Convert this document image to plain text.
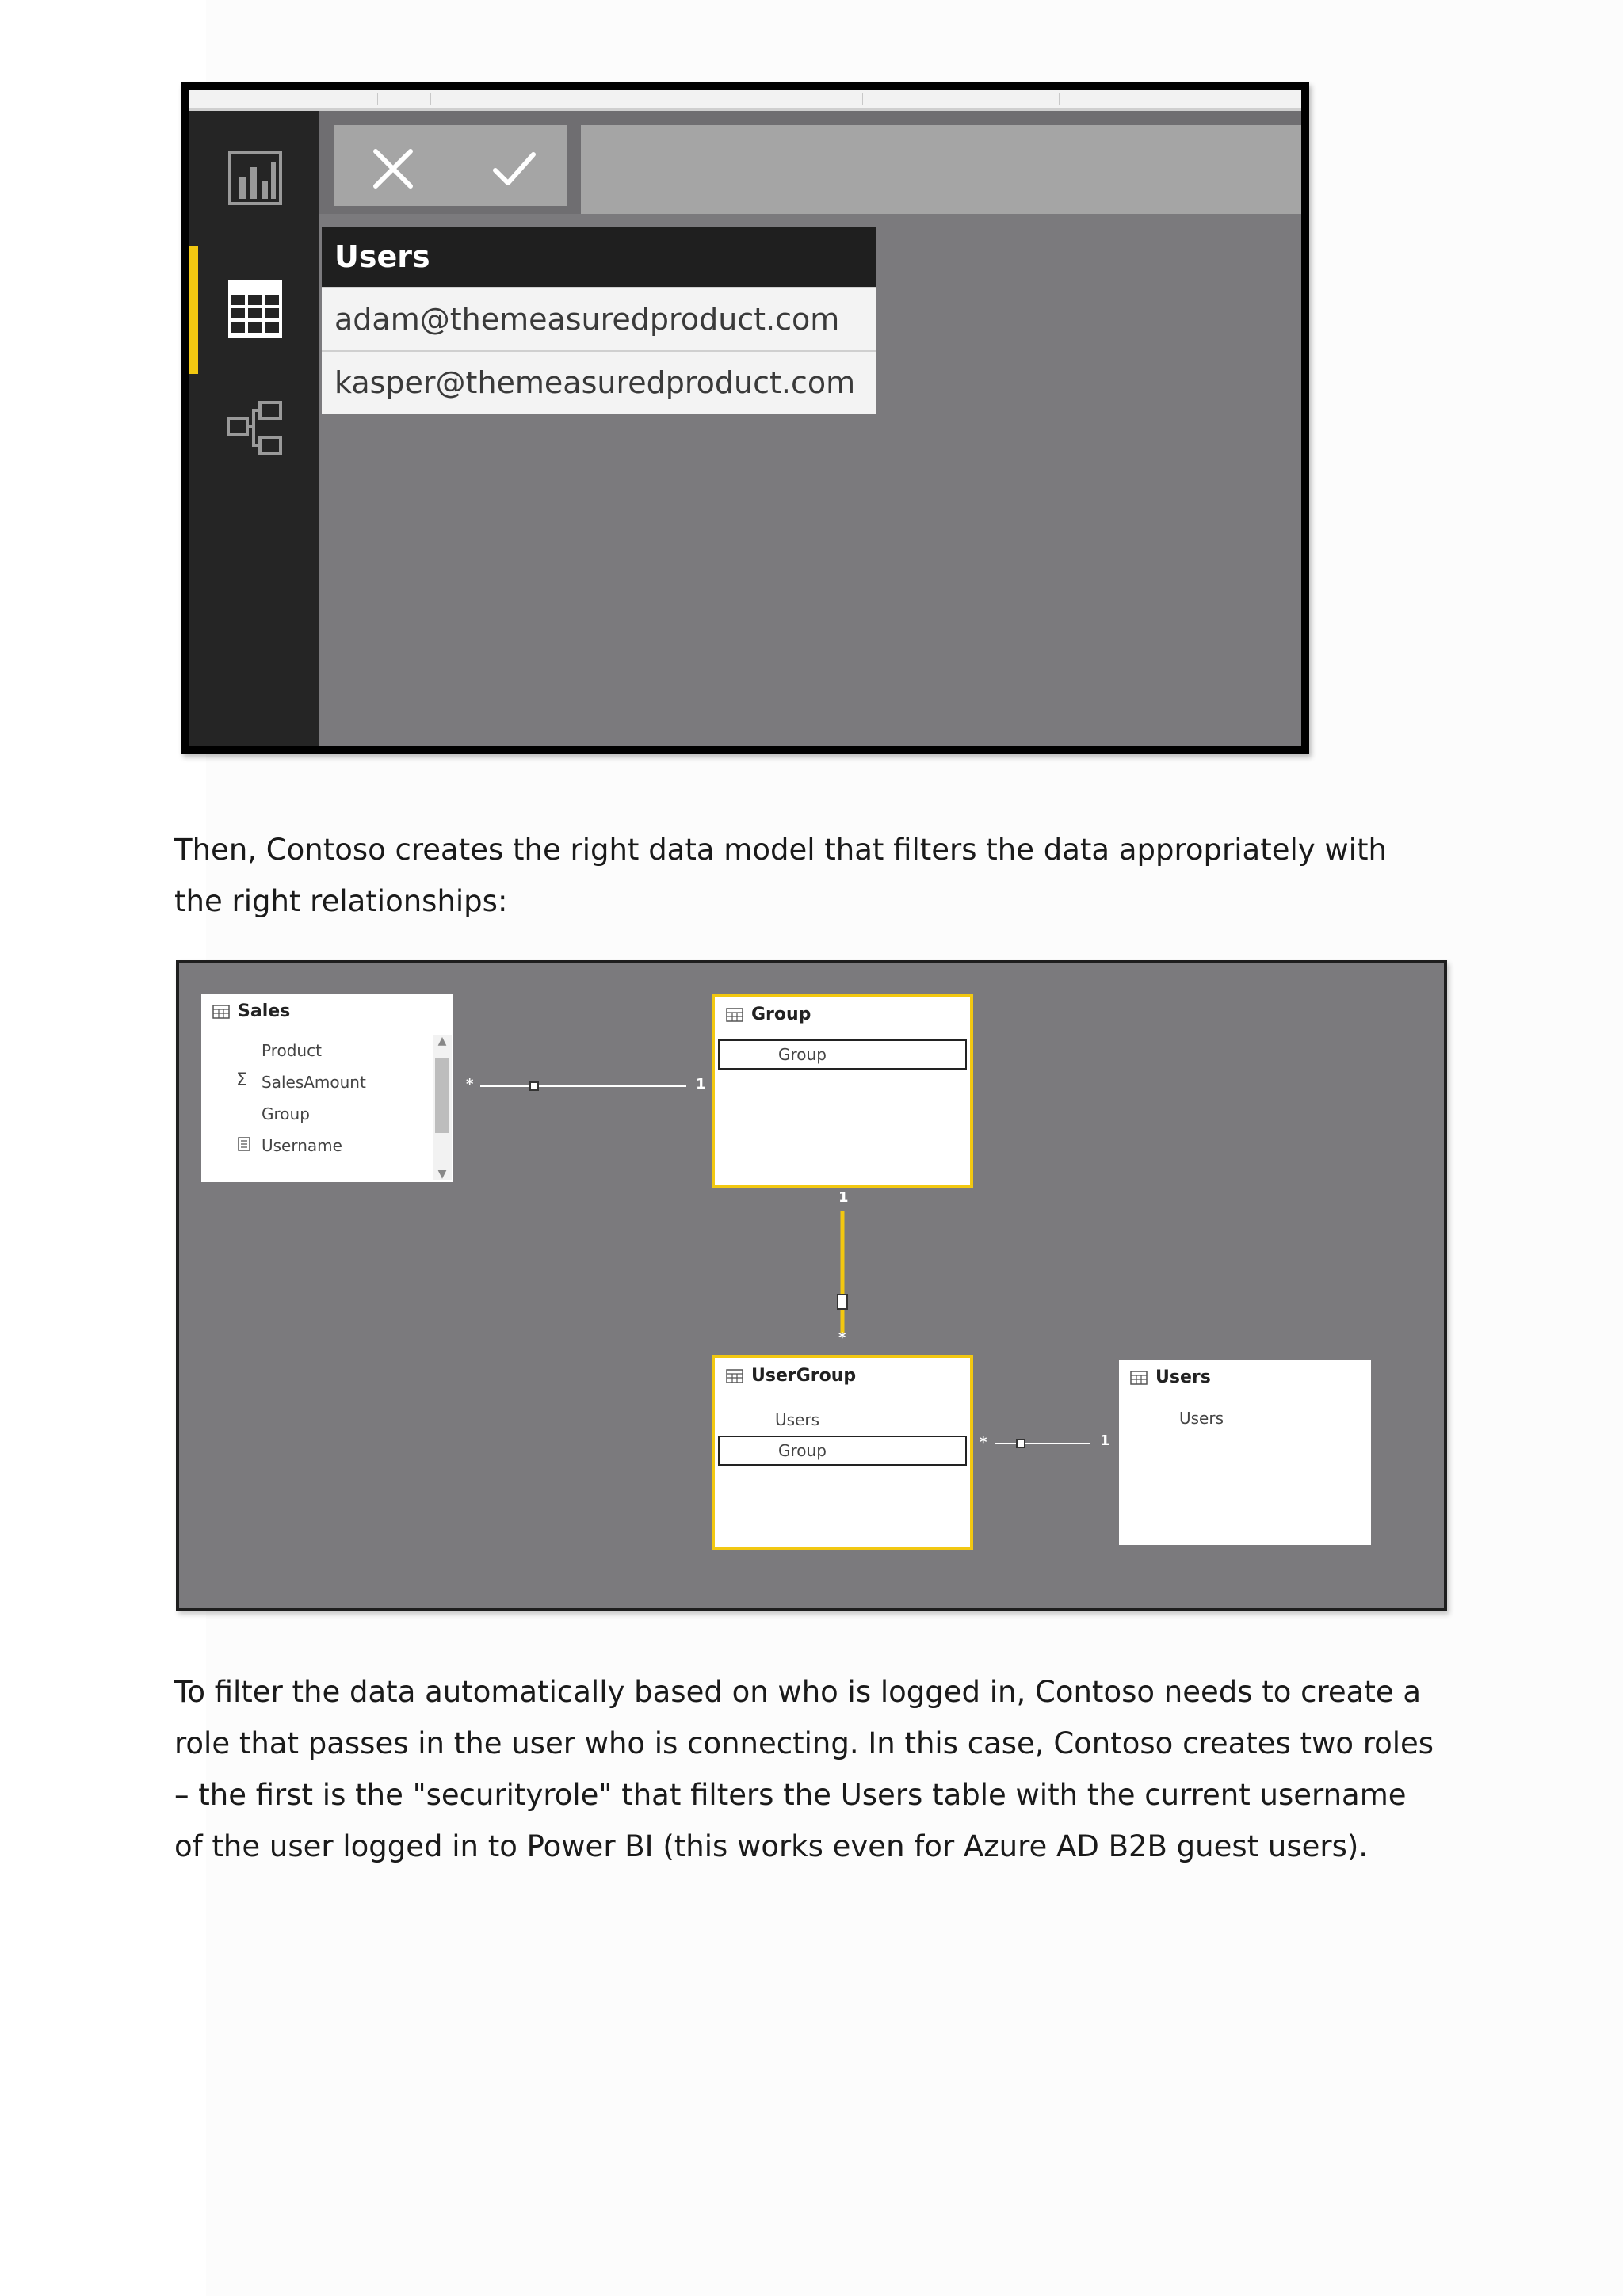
Users
adam@themeasuredproduct.com
kasper@themeasuredproduct.com

Then, Contoso creates the right data model that filters the data appropriately with the right relationships:

*	1
1
*
*	1
Sales
Product
Σ SalesAmount
Group
Username
▲
▼
Group
Group
UserGroup
Users
Group
Users
Users

To filter the data automatically based on who is logged in, Contoso needs to create a role that passes in the user who is connecting. In this case, Contoso creates two roles – the first is the "securityrole" that filters the Users table with the current username of the user logged in to Power BI (this works even for Azure AD B2B guest users).
